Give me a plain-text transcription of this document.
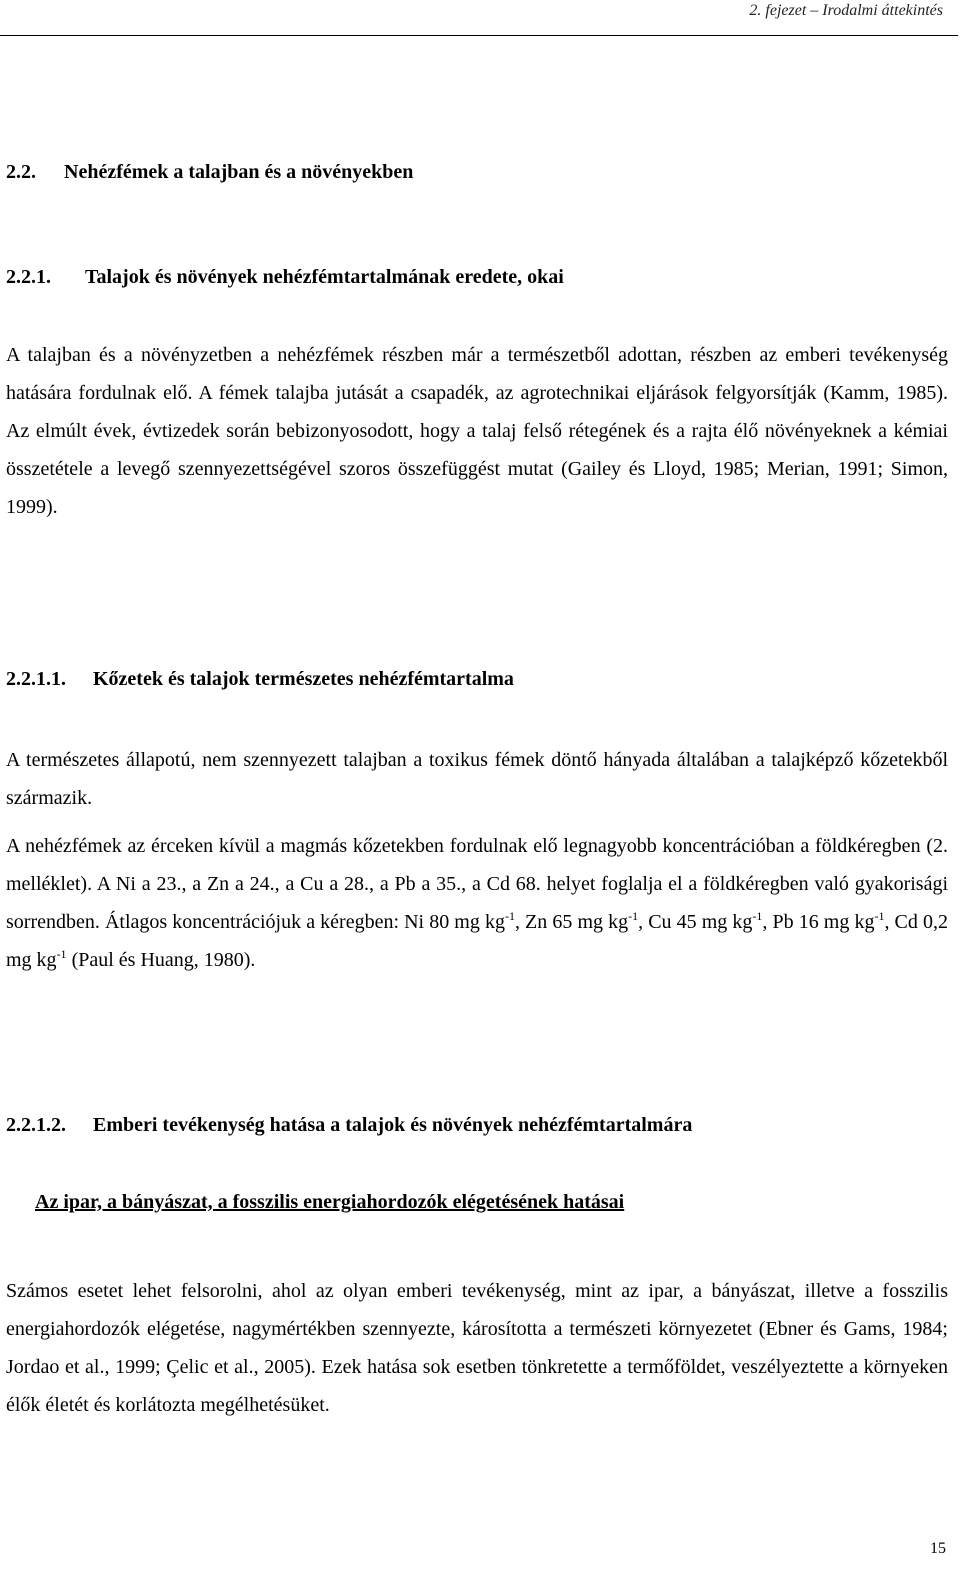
2. fejezet – Irodalmi áttekintés
2.2. Nehézfémek a talajban és a növényekben
2.2.1. Talajok és növények nehézfémtartalmának eredete, okai

A talajban és a növényzetben a nehézfémek részben már a természetből adottan, részben az emberi tevékenység hatására fordulnak elő. A fémek talajba jutását a csapadék, az agrotechnikai eljárások felgyorsítják (Kamm, 1985). Az elmúlt évek, évtizedek során bebizonyosodott, hogy a talaj felső rétegének és a rajta élő növényeknek a kémiai összetétele a levegő szennyezettségével szoros összefüggést mutat (Gailey és Lloyd, 1985; Merian, 1991; Simon, 1999).

2.2.1.1. Kőzetek és talajok természetes nehézfémtartalma

A természetes állapotú, nem szennyezett talajban a toxikus fémek döntő hányada általában a talajképző kőzetekből származik.

A nehézfémek az érceken kívül a magmás kőzetekben fordulnak elő legnagyobb koncentrációban a földkéregben (2. melléklet). A Ni a 23., a Zn a 24., a Cu a 28., a Pb a 35., a Cd 68. helyet foglalja el a földkéregben való gyakorisági sorrendben. Átlagos koncentrációjuk a kéregben: Ni 80 mg $kg^{-1}$, Zn 65 mg $kg^{-1}$, Cu 45 mg $kg^{-1}$, Pb 16 mg $kg^{-1}$, Cd 0,2 mg $kg^{-1}$ (Paul és Huang, 1980).

2.2.1.2. Emberi tevékenység hatása a talajok és növények nehézfémtartalmára
Az ipar, a bányászat, a fosszilis energiahordozók elégetésének hatásai

Számos esetet lehet felsorolni, ahol az olyan emberi tevékenység, mint az ipar, a bányászat, illetve a fosszilis energiahordozók elégetése, nagymértékben szennyezte, károsította a természeti környezetet (Ebner és Gams, 1984; Jordao et al., 1999; Çelic et al., 2005). Ezek hatása sok esetben tönkretette a termőföldet, veszélyeztette a környeken élők életét és korlátozta megélhetésüket.

15
